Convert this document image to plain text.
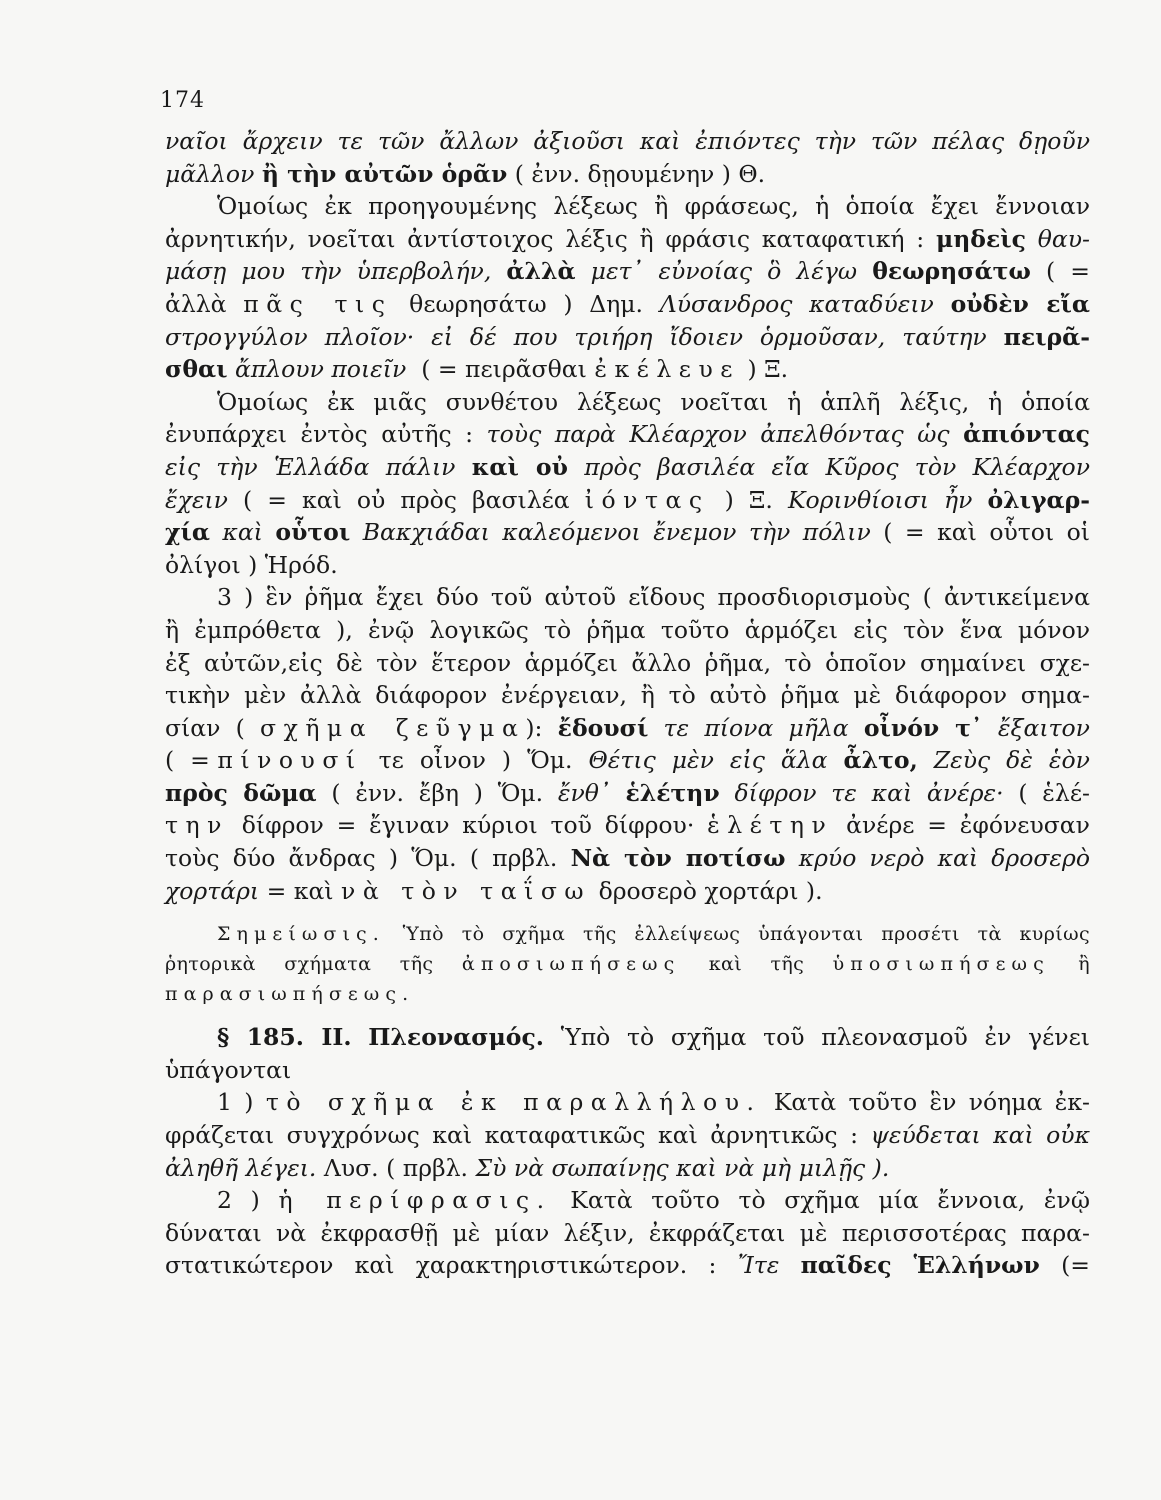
174
ναῖοι ἄρχειν τε τῶν ἄλλων ἀξιοῦσι καὶ ἐπιόντες τὴν τῶν πέλας δῃοῦν
μᾶλλον ἢ τὴν αὐτῶν ὁρᾶν ( ἐνν. δῃουμένην ) Θ.
Ὁμοίως ἐκ προηγουμένης λέξεως ἢ φράσεως, ἡ ὁποία ἔχει ἔννοιαν
ἀρνητικήν, νοεῖται ἀντίστοιχος λέξις ἢ φράσις καταφατική : μηδεὶς θαυ-
μάσῃ μου τὴν ὑπερβολήν, ἀλλὰ μετ᾽ εὐνοίας ὃ λέγω θεωρησάτω ( =
ἀλλὰ πᾶς τις θεωρησάτω ) Δημ. Λύσανδρος καταδύειν οὐδὲν εἴα
στρογγύλον πλοῖον· εἰ δέ που τριήρη ἴδοιεν ὁρμοῦσαν, ταύτην πειρᾶ-
σθαι ἄπλουν ποιεῖν ( = πειρᾶσθαι ἐκέλευε ) Ξ.
Ὁμοίως ἐκ μιᾶς συνθέτου λέξεως νοεῖται ἡ ἁπλῆ λέξις, ἡ ὁποία
ἐνυπάρχει ἐντὸς αὐτῆς : τοὺς παρὰ Κλέαρχον ἀπελθόντας ὡς ἀπιόντας
εἰς τὴν Ἑλλάδα πάλιν καὶ οὐ πρὸς βασιλέα εἴα Κῦρος τὸν Κλέαρχον
ἔχειν ( = καὶ οὐ πρὸς βασιλέα ἰόντας ) Ξ. Κορινθίοισι ἦν ὀλιγαρ-
χία καὶ οὗτοι Βακχιάδαι καλεόμενοι ἔνεμον τὴν πόλιν ( = καὶ οὗτοι οἱ
ὀλίγοι ) Ἡρόδ.
3 ) ἓν ῥῆμα ἔχει δύο τοῦ αὐτοῦ εἴδους προσδιορισμοὺς ( ἀντικείμενα
ἢ ἐμπρόθετα ), ἐνῷ λογικῶς τὸ ῥῆμα τοῦτο ἁρμόζει εἰς τὸν ἕνα μόνον
ἐξ αὐτῶν,εἰς δὲ τὸν ἕτερον ἁρμόζει ἄλλο ῥῆμα, τὸ ὁποῖον σημαίνει σχε-
τικὴν μὲν ἀλλὰ διάφορον ἐνέργειαν, ἢ τὸ αὐτὸ ῥῆμα μὲ διάφορον σημα-
σίαν ( σχῆμα ζεῦγμα): ἔδουσί τε πίονα μῆλα οἶνόν τ᾽ ἔξαιτον
( =πίνουσί τε οἶνον ) Ὅμ. Θέτις μὲν εἰς ἅλα ἆλτο, Ζεὺς δὲ ἑὸν
πρὸς δῶμα ( ἐνν. ἔβη ) Ὅμ. ἔνθ᾽ ἑλέτην δίφρον τε καὶ ἀνέρε· ( ἑλέ-
την δίφρον = ἔγιναν κύριοι τοῦ δίφρου· ἑλέτην ἀνέρε = ἐφόνευσαν
τοὺς δύο ἄνδρας ) Ὅμ. ( πρβλ. Νὰ τὸν ποτίσω κρύο νερὸ καὶ δροσερὸ
χορτάρι = καὶ νὰ τὸν ταΐσω δροσερὸ χορτάρι ).
Σημείωσις. Ὑπὸ τὸ σχῆμα τῆς ἐλλείψεως ὑπάγονται προσέτι τὰ κυρίως
ῥητορικὰ σχήματα τῆς ἀποσιωπήσεως καὶ τῆς ὑποσιωπήσεως ἢ
παρασιωπήσεως.
§ 185. ΙΙ. Πλεονασμός. Ὑπὸ τὸ σχῆμα τοῦ πλεονασμοῦ ἐν γένει
ὑπάγονται
1 ) τὸ σχῆμα ἐκ παραλλήλου. Κατὰ τοῦτο ἓν νόημα ἐκ-
φράζεται συγχρόνως καὶ καταφατικῶς καὶ ἀρνητικῶς : ψεύδεται καὶ οὐκ
ἀληθῆ λέγει. Λυσ. ( πρβλ. Σὺ νὰ σωπαίνῃς καὶ νὰ μὴ μιλῇς ).
2 ) ἡ περίφρασις. Κατὰ τοῦτο τὸ σχῆμα μία ἔννοια, ἐνῷ
δύναται νὰ ἐκφρασθῇ μὲ μίαν λέξιν, ἐκφράζεται μὲ περισσοτέρας παρα-
στατικώτερον καὶ χαρακτηριστικώτερον. : Ἴτε παῖδες Ἑλλήνων (=
